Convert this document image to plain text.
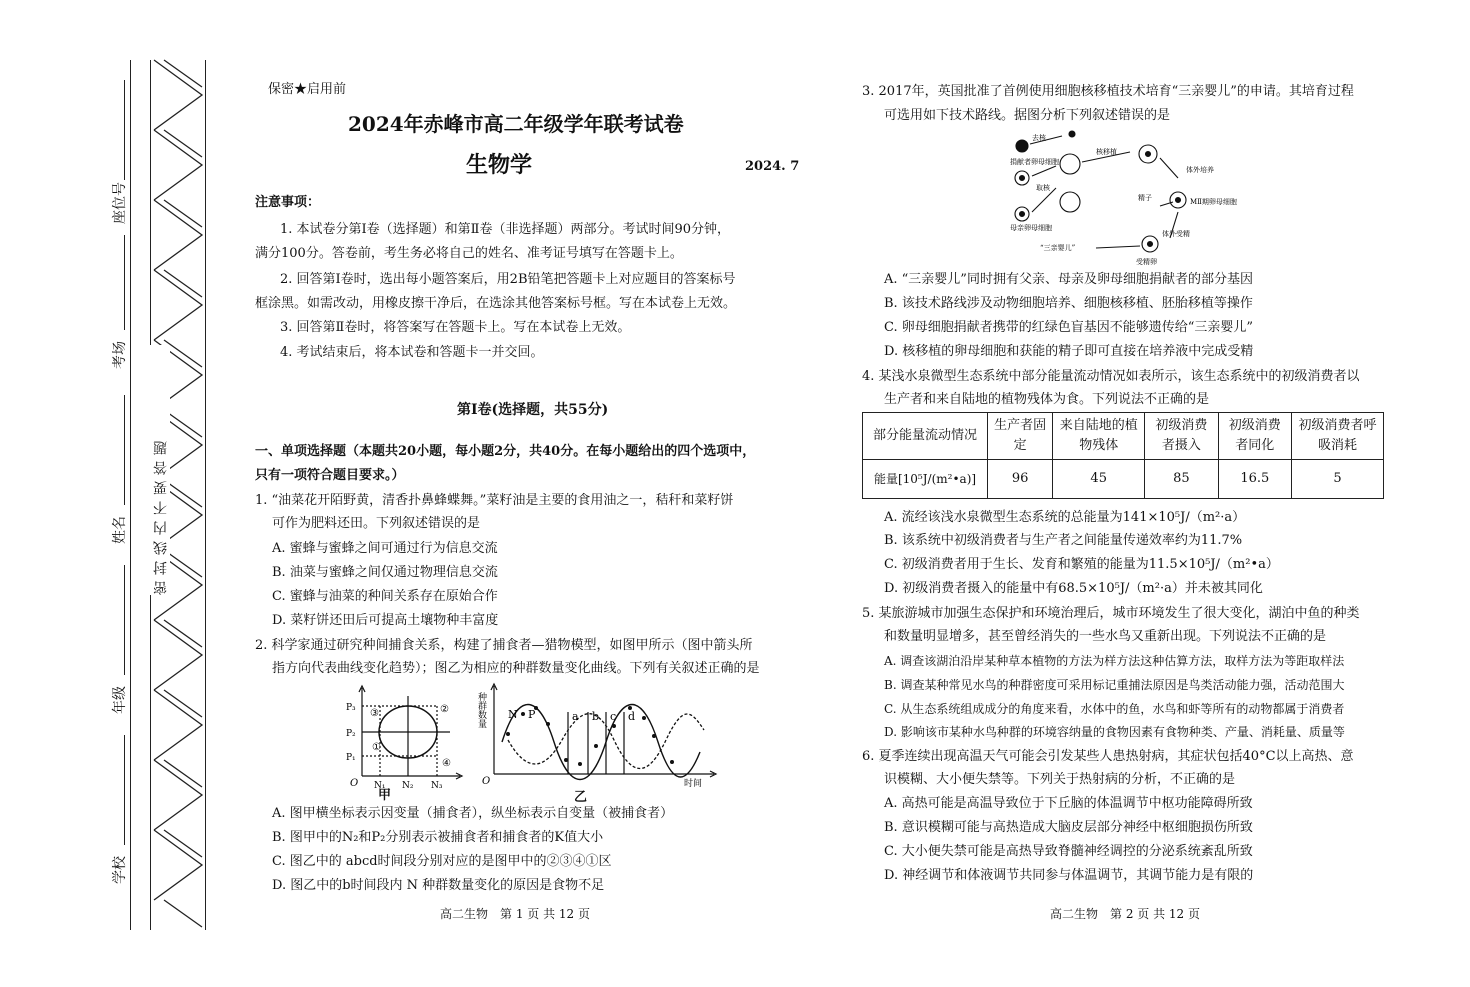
密封线内不要答题
座位号
考场
姓名
年级
学校
保密★启用前
2024年赤峰市高二年级学年联考试卷
生物学	2024. 7
注意事项：
1. 本试卷分第Ⅰ卷（选择题）和第Ⅱ卷（非选择题）两部分。考试时间90分钟，
满分100分。答卷前，考生务必将自己的姓名、准考证号填写在答题卡上。
2. 回答第Ⅰ卷时，选出每小题答案后，用2B铅笔把答题卡上对应题目的答案标号
框涂黑。如需改动，用橡皮擦干净后，在选涂其他答案标号框。写在本试卷上无效。
3. 回答第Ⅱ卷时，将答案写在答题卡上。写在本试卷上无效。
4. 考试结束后，将本试卷和答题卡一并交回。
第Ⅰ卷(选择题，共55分)
一、单项选择题（本题共20小题，每小题2分，共40分。在每小题给出的四个选项中，
只有一项符合题目要求。）
1. “油菜花开陌野黄，清香扑鼻蜂蝶舞。”菜籽油是主要的食用油之一，秸秆和菜籽饼
可作为肥料还田。下列叙述错误的是
A. 蜜蜂与蜜蜂之间可通过行为信息交流
B. 油菜与蜜蜂之间仅通过物理信息交流
C. 蜜蜂与油菜的种间关系存在原始合作
D. 菜籽饼还田后可提高土壤物种丰富度
2. 科学家通过研究种间捕食关系，构建了捕食者—猎物模型，如图甲所示（图中箭头所
指方向代表曲线变化趋势）；图乙为相应的种群数量变化曲线。下列有关叙述正确的是
P₃
P₂
P₁
N₁ N₂ N₃
O
①
②
③
④
甲
种群数量
时间
O
N P	a b c d
乙
A. 图甲横坐标表示因变量（捕食者），纵坐标表示自变量（被捕食者）
B. 图甲中的N₂和P₂分别表示被捕食者和捕食者的K值大小
C. 图乙中的 abcd时间段分别对应的是图甲中的②③④①区
D. 图乙中的b时间段内 N 种群数量变化的原因是食物不足
高二生物　第 1 页 共 12 页
3. 2017年，英国批准了首例使用细胞核移植技术培育“三亲婴儿”的申请。其培育过程
可选用如下技术路线。据图分析下列叙述错误的是
去核
捐献者卵母细胞
取核
母亲卵母细胞
核移植
体外培养
精子	MⅡ期卵母细胞
“三亲婴儿”
受精卵
体外受精
A. “三亲婴儿”同时拥有父亲、母亲及卵母细胞捐献者的部分基因
B. 该技术路线涉及动物细胞培养、细胞核移植、胚胎移植等操作
C. 卵母细胞捐献者携带的红绿色盲基因不能够遗传给“三亲婴儿”
D. 核移植的卵母细胞和获能的精子即可直接在培养液中完成受精
4. 某浅水泉微型生态系统中部分能量流动情况如表所示，该生态系统中的初级消费者以
生产者和来自陆地的植物残体为食。下列说法不正确的是
部分能量流动情况	生产者固定	来自陆地的植物残体	初级消费者摄入	初级消费者同化	初级消费者呼吸消耗
能量[10⁵J/(m²•a)]	96	45	85	16.5	5
A. 流经该浅水泉微型生态系统的总能量为141×10⁵J/（m²·a）
B. 该系统中初级消费者与生产者之间能量传递效率约为11.7%
C. 初级消费者用于生长、发育和繁殖的能量为11.5×10⁵J/（m²•a）
D. 初级消费者摄入的能量中有68.5×10⁵J/（m²·a）并未被其同化
5. 某旅游城市加强生态保护和环境治理后，城市环境发生了很大变化，湖泊中鱼的种类
和数量明显增多，甚至曾经消失的一些水鸟又重新出现。下列说法不正确的是
A. 调查该湖泊沿岸某种草本植物的方法为样方法这种估算方法，取样方法为等距取样法
B. 调查某种常见水鸟的种群密度可采用标记重捕法原因是鸟类活动能力强，活动范围大
C. 从生态系统组成成分的角度来看，水体中的鱼，水鸟和虾等所有的动物都属于消费者
D. 影响该市某种水鸟种群的环境容纳量的食物因素有食物种类、产量、消耗量、质量等
6. 夏季连续出现高温天气可能会引发某些人患热射病，其症状包括40°C以上高热、意
识模糊、大小便失禁等。下列关于热射病的分析，不正确的是
A. 高热可能是高温导致位于下丘脑的体温调节中枢功能障碍所致
B. 意识模糊可能与高热造成大脑皮层部分神经中枢细胞损伤所致
C. 大小便失禁可能是高热导致脊髓神经调控的分泌系统紊乱所致
D. 神经调节和体液调节共同参与体温调节，其调节能力是有限的
高二生物　第 2 页 共 12 页
